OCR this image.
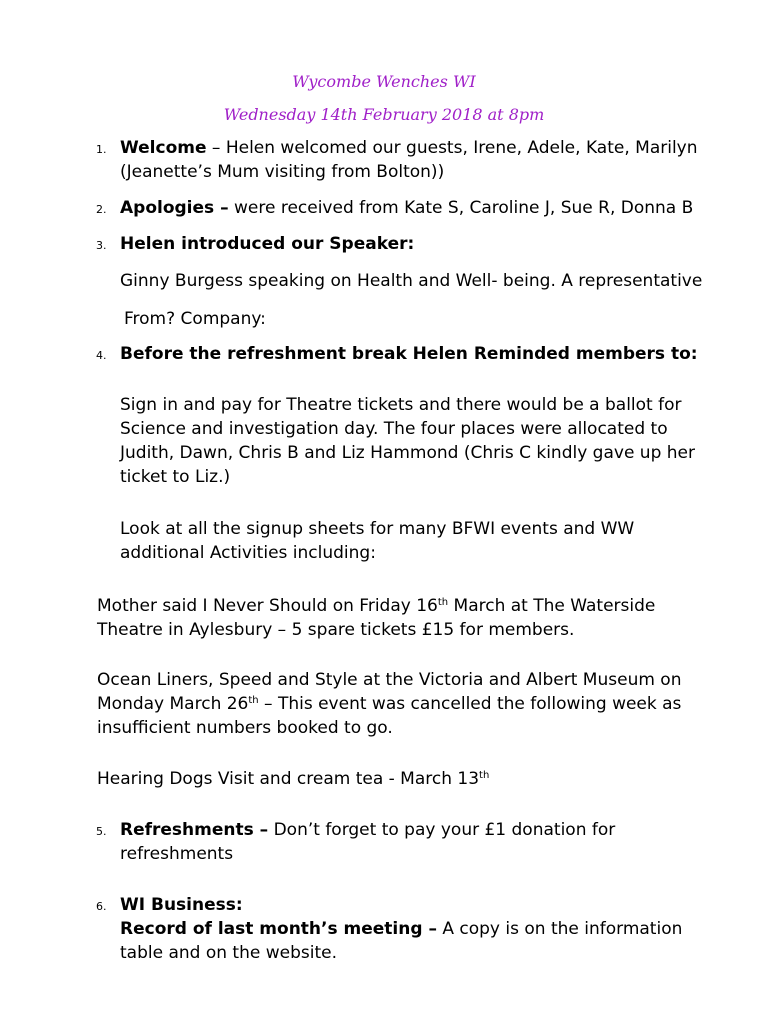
Wycombe Wenches WI
Wednesday 14th February 2018 at 8pm
1. Welcome – Helen welcomed our guests, Irene, Adele, Kate, Marilyn
(Jeanette’s Mum visiting from Bolton))
2. Apologies – were received from Kate S, Caroline J, Sue R, Donna B
3. Helen introduced our Speaker:
Ginny Burgess speaking on Health and Well- being. A representative
From? Company:
4. Before the refreshment break Helen Reminded members to:
Sign in and pay for Theatre tickets and there would be a ballot for
Science and investigation day. The four places were allocated to
Judith, Dawn, Chris B and Liz Hammond (Chris C kindly gave up her
ticket to Liz.)
Look at all the signup sheets for many BFWI events and WW
additional Activities including:
Mother said I Never Should on Friday 16th March at The Waterside
Theatre in Aylesbury – 5 spare tickets £15 for members.
Ocean Liners, Speed and Style at the Victoria and Albert Museum on
Monday March 26th – This event was cancelled the following week as
insufficient numbers booked to go.
Hearing Dogs Visit and cream tea - March 13th
5. Refreshments – Don’t forget to pay your £1 donation for
refreshments
6. WI Business:
Record of last month’s meeting – A copy is on the information
table and on the website.
